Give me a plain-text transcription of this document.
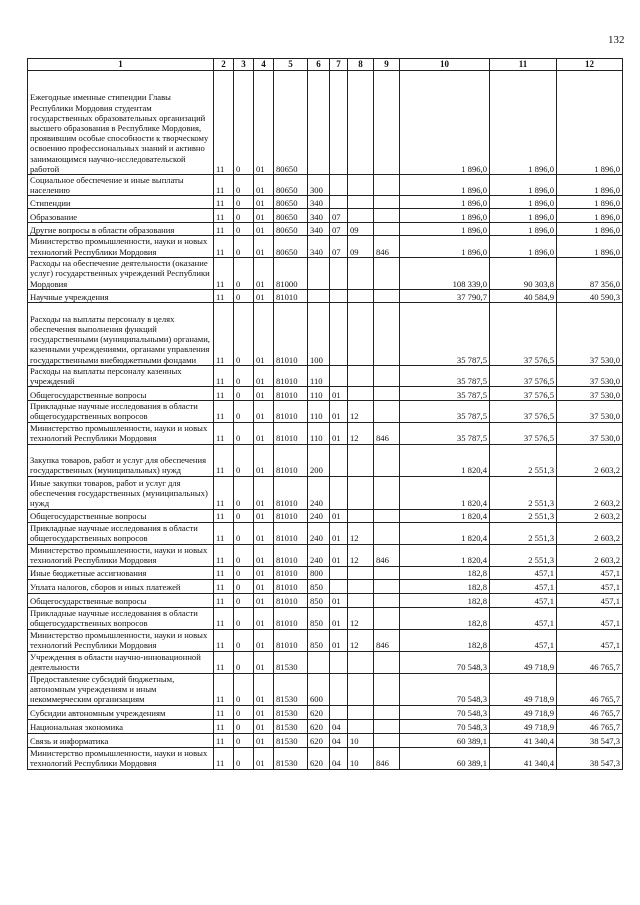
132
1	2	3	4	5	6	7	8	9	10	11	12
Ежегодные именные стипендии Главы Республики Мордовия студентам государственных образовательных организаций высшего образования в Республике Мордовия, проявившим особые способности к творческому освоению профессиональных знаний и активно занимающимся научно-исследовательской работой	11	0	01	80650					1 896,0	1 896,0	1 896,0
Социальное обеспечение и иные выплаты населению	11	0	01	80650	300				1 896,0	1 896,0	1 896,0
Стипендии	11	0	01	80650	340				1 896,0	1 896,0	1 896,0
Образование	11	0	01	80650	340	07			1 896,0	1 896,0	1 896,0
Другие вопросы в области образования	11	0	01	80650	340	07	09		1 896,0	1 896,0	1 896,0
Министерство промышленности, науки и новых технологий Республики Мордовия	11	0	01	80650	340	07	09	846	1 896,0	1 896,0	1 896,0
Расходы на обеспечение деятельности (оказание услуг) государственных учреждений Республики Мордовия	11	0	01	81000					108 339,0	90 303,8	87 356,0
Научные учреждения	11	0	01	81010					37 790,7	40 584,9	40 590,3
Расходы на выплаты персоналу в целях обеспечения выполнения функций государственными (муниципальными) органами, казенными учреждениями, органами управления государственными внебюджетными фондами	11	0	01	81010	100				35 787,5	37 576,5	37 530,0
Расходы на выплаты персоналу казенных учреждений	11	0	01	81010	110				35 787,5	37 576,5	37 530,0
Общегосударственные вопросы	11	0	01	81010	110	01			35 787,5	37 576,5	37 530,0
Прикладные научные исследования в области общегосударственных вопросов	11	0	01	81010	110	01	12		35 787,5	37 576,5	37 530,0
Министерство промышленности, науки и новых технологий Республики Мордовия	11	0	01	81010	110	01	12	846	35 787,5	37 576,5	37 530,0
Закупка товаров, работ и услуг для обеспечения государственных (муниципальных) нужд	11	0	01	81010	200				1 820,4	2 551,3	2 603,2
Иные закупки товаров, работ и услуг для обеспечения государственных (муниципальных) нужд	11	0	01	81010	240				1 820,4	2 551,3	2 603,2
Общегосударственные вопросы	11	0	01	81010	240	01			1 820,4	2 551,3	2 603,2
Прикладные научные исследования в области общегосударственных вопросов	11	0	01	81010	240	01	12		1 820,4	2 551,3	2 603,2
Министерство промышленности, науки и новых технологий Республики Мордовия	11	0	01	81010	240	01	12	846	1 820,4	2 551,3	2 603,2
Иные бюджетные ассигнования	11	0	01	81010	800				182,8	457,1	457,1
Уплата налогов, сборов и иных платежей	11	0	01	81010	850				182,8	457,1	457,1
Общегосударственные вопросы	11	0	01	81010	850	01			182,8	457,1	457,1
Прикладные научные исследования в области общегосударственных вопросов	11	0	01	81010	850	01	12		182,8	457,1	457,1
Министерство промышленности, науки и новых технологий Республики Мордовия	11	0	01	81010	850	01	12	846	182,8	457,1	457,1
Учреждения в области научно-инновационной деятельности	11	0	01	81530					70 548,3	49 718,9	46 765,7
Предоставление субсидий бюджетным, автономным учреждениям и иным некоммерческим организациям	11	0	01	81530	600				70 548,3	49 718,9	46 765,7
Субсидии автономным учреждениям	11	0	01	81530	620				70 548,3	49 718,9	46 765,7
Национальная экономика	11	0	01	81530	620	04			70 548,3	49 718,9	46 765,7
Связь и информатика	11	0	01	81530	620	04	10		60 389,1	41 340,4	38 547,3
Министерство промышленности, науки и новых технологий Республики Мордовия	11	0	01	81530	620	04	10	846	60 389,1	41 340,4	38 547,3
